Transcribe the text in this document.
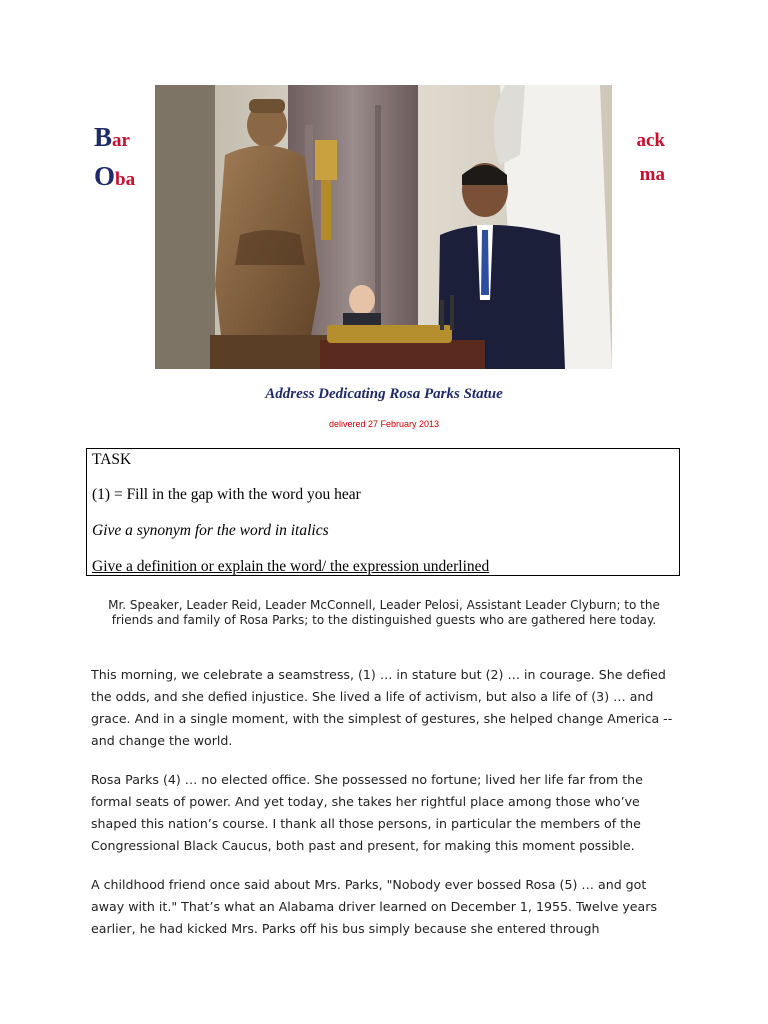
Bar
Oba
ack
ma
Address Dedicating Rosa Parks Statue
delivered 27 February 2013
TASK
(1) = Fill in the gap with the word you hear
Give a synonym for the word in italics
Give a definition or explain the word/ the expression underlined
Mr. Speaker, Leader Reid, Leader McConnell, Leader Pelosi, Assistant Leader Clyburn; to the friends and family of Rosa Parks; to the distinguished guests who are gathered here today.
This morning, we celebrate a seamstress, (1) … in stature but (2) … in courage. She defied the odds, and she defied injustice. She lived a life of activism, but also a life of (3) … and grace. And in a single moment, with the simplest of gestures, she helped change America -- and change the world.
Rosa Parks (4) … no elected office. She possessed no fortune; lived her life far from the formal seats of power. And yet today, she takes her rightful place among those who’ve shaped this nation’s course. I thank all those persons, in particular the members of the Congressional Black Caucus, both past and present, for making this moment possible.
A childhood friend once said about Mrs. Parks, "Nobody ever bossed Rosa (5) … and got away with it." That’s what an Alabama driver learned on December 1, 1955. Twelve years earlier, he had kicked Mrs. Parks off his bus simply because she entered through
